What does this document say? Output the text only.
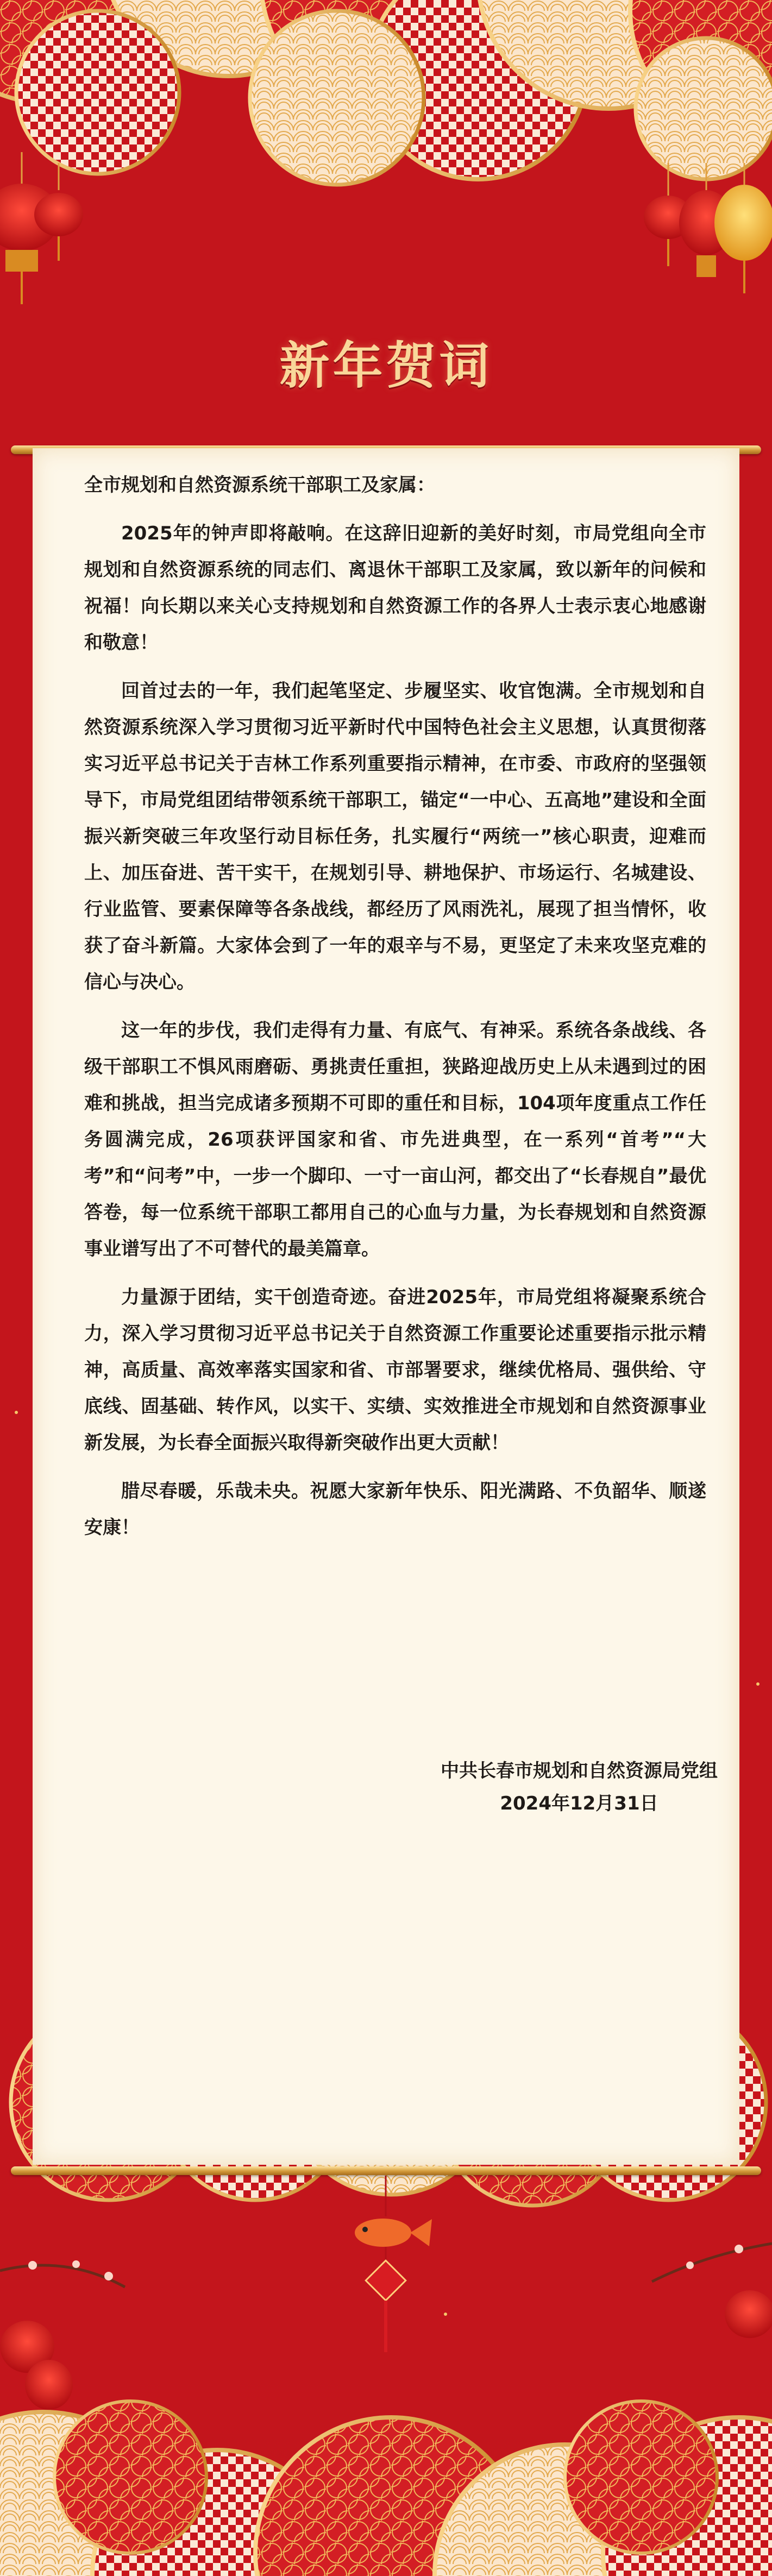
新年贺词

全市规划和自然资源系统干部职工及家属：

2025年的钟声即将敲响。在这辞旧迎新的美好时刻，市局党组向全市规划和自然资源系统的同志们、离退休干部职工及家属，致以新年的问候和祝福！向长期以来关心支持规划和自然资源工作的各界人士表示衷心地感谢和敬意！

回首过去的一年，我们起笔坚定、步履坚实、收官饱满。全市规划和自然资源系统深入学习贯彻习近平新时代中国特色社会主义思想，认真贯彻落实习近平总书记关于吉林工作系列重要指示精神，在市委、市政府的坚强领导下，市局党组团结带领系统干部职工，锚定“一中心、五高地”建设和全面振兴新突破三年攻坚行动目标任务，扎实履行“两统一”核心职责，迎难而上、加压奋进、苦干实干，在规划引导、耕地保护、市场运行、名城建设、行业监管、要素保障等各条战线，都经历了风雨洗礼，展现了担当情怀，收获了奋斗新篇。大家体会到了一年的艰辛与不易，更坚定了未来攻坚克难的信心与决心。

这一年的步伐，我们走得有力量、有底气、有神采。系统各条战线、各级干部职工不惧风雨磨砺、勇挑责任重担，狭路迎战历史上从未遇到过的困难和挑战，担当完成诸多预期不可即的重任和目标，104项年度重点工作任务圆满完成，26项获评国家和省、市先进典型，在一系列“首考”“大考”和“问考”中，一步一个脚印、一寸一亩山河，都交出了“长春规自”最优答卷，每一位系统干部职工都用自己的心血与力量，为长春规划和自然资源事业谱写出了不可替代的最美篇章。

力量源于团结，实干创造奇迹。奋进2025年，市局党组将凝聚系统合力，深入学习贯彻习近平总书记关于自然资源工作重要论述重要指示批示精神，高质量、高效率落实国家和省、市部署要求，继续优格局、强供给、守底线、固基础、转作风，以实干、实绩、实效推进全市规划和自然资源事业新发展，为长春全面振兴取得新突破作出更大贡献！

腊尽春暖，乐哉未央。祝愿大家新年快乐、阳光满路、不负韶华、顺遂安康！

中共长春市规划和自然资源局党组
2024年12月31日
